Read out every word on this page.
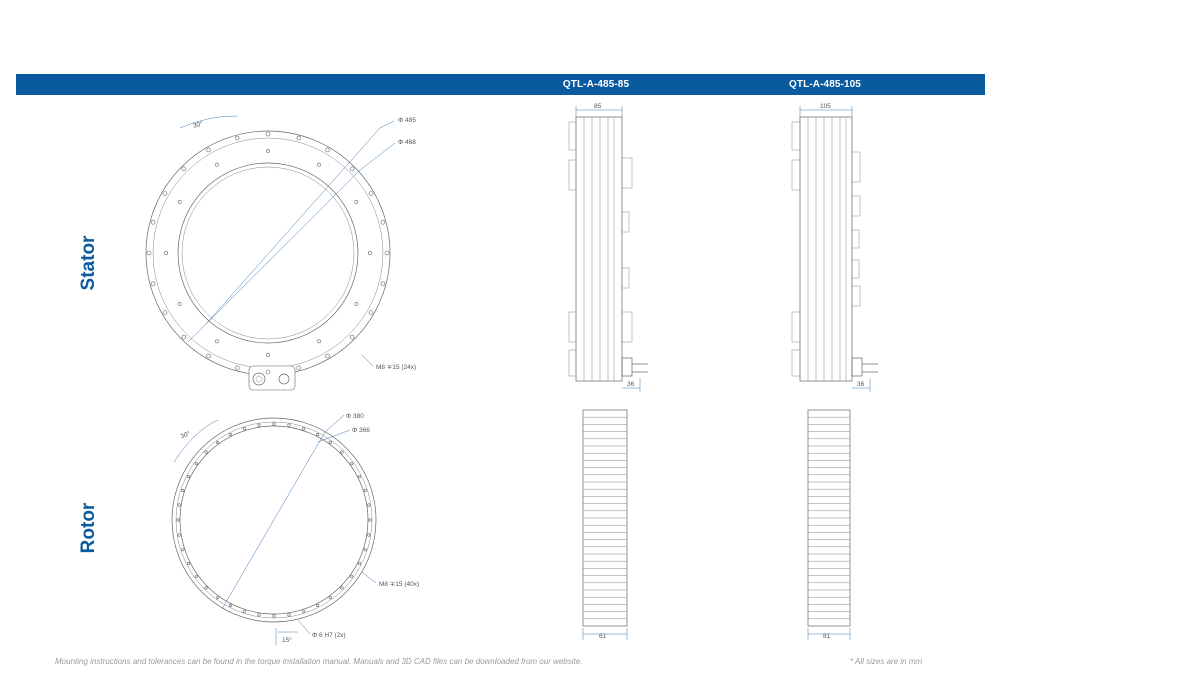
QTL-A-485-85	QTL-A-485-105
Stator
Rotor
Φ 485
Φ 468
30°
M8 ∓15 (24x)
Φ 380
Φ 366
30°
M8 ∓15 (40x)
Φ 6 H7 (2x)
15°
85
36
105
36
61	81
Mounting instructions and tolerances can be found in the torque installation manual. Manuals and 3D CAD files can be downloaded from our website.	* All sizes are in mm
